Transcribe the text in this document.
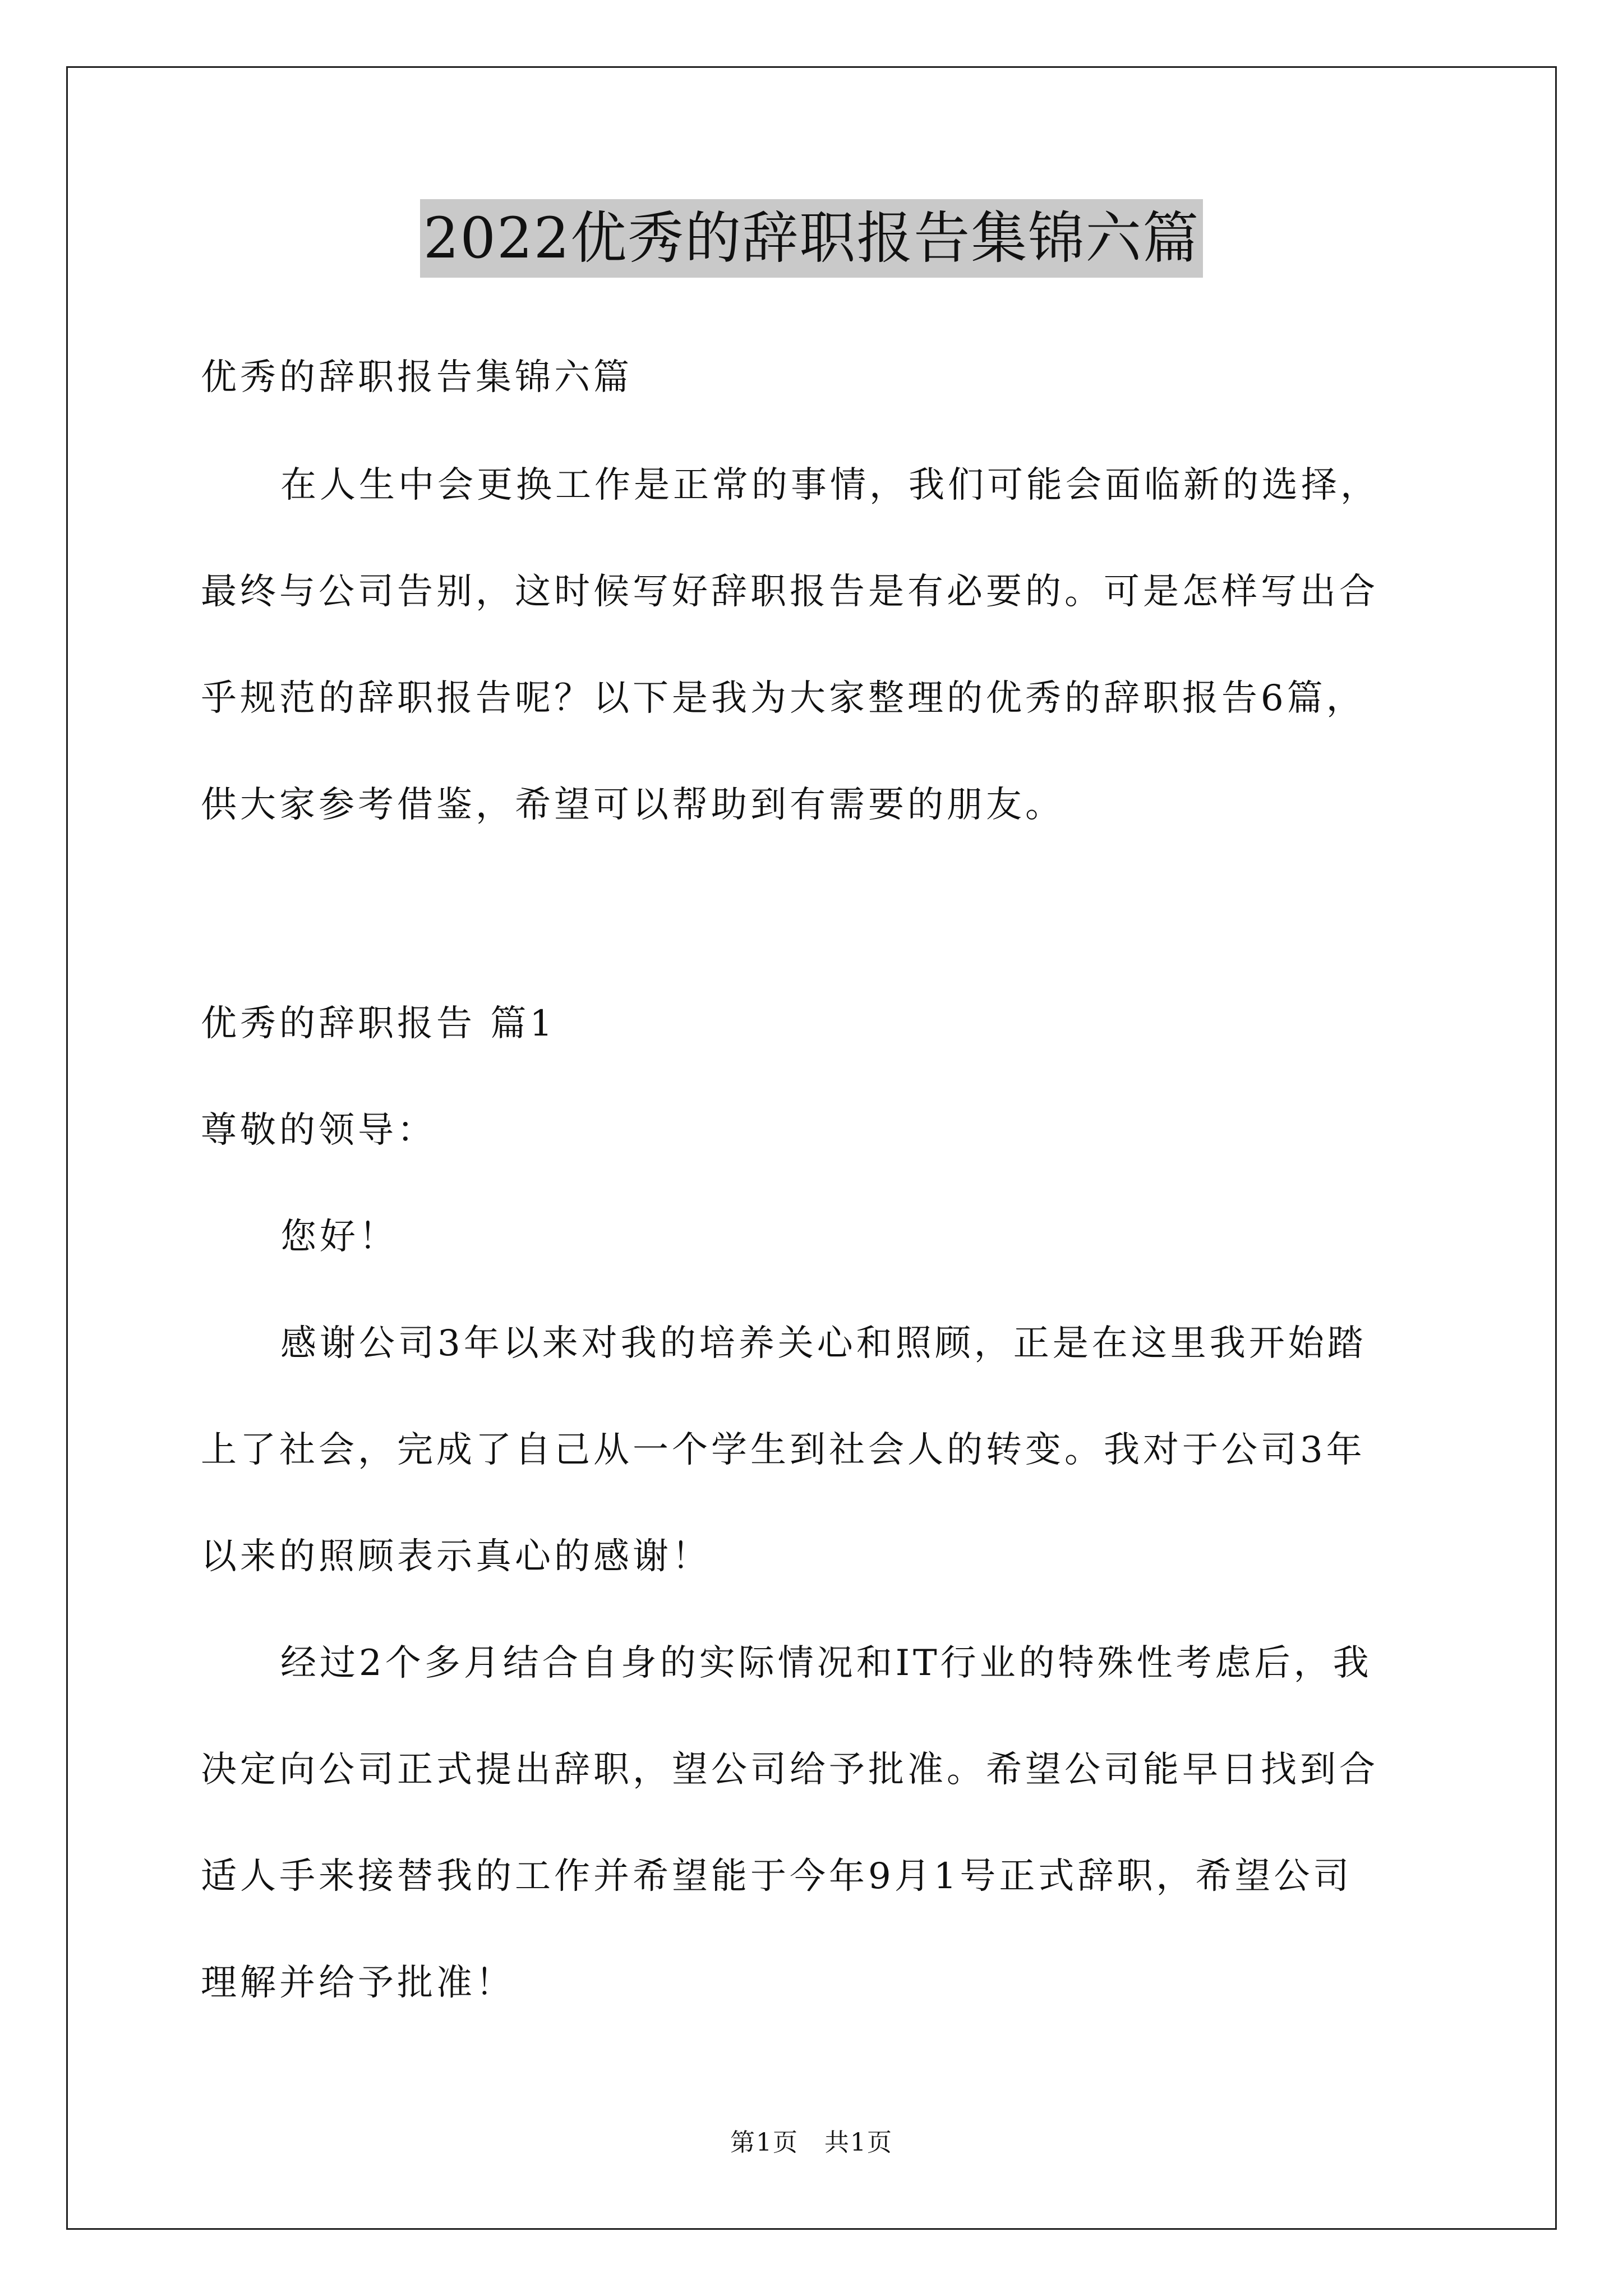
2022优秀的辞职报告集锦六篇
优秀的辞职报告集锦六篇
在人生中会更换工作是正常的事情，我们可能会面临新的选择，
最终与公司告别，这时候写好辞职报告是有必要的。可是怎样写出合
乎规范的辞职报告呢？以下是我为大家整理的优秀的辞职报告6篇，
供大家参考借鉴，希望可以帮助到有需要的朋友。
优秀的辞职报告 篇1
尊敬的领导：
您好！
感谢公司3年以来对我的培养关心和照顾，正是在这里我开始踏
上了社会，完成了自己从一个学生到社会人的转变。我对于公司3年
以来的照顾表示真心的感谢！
经过2个多月结合自身的实际情况和IT行业的特殊性考虑后，我
决定向公司正式提出辞职，望公司给予批准。希望公司能早日找到合
适人手来接替我的工作并希望能于今年9月1号正式辞职，希望公司
理解并给予批准！
第1页　共1页
